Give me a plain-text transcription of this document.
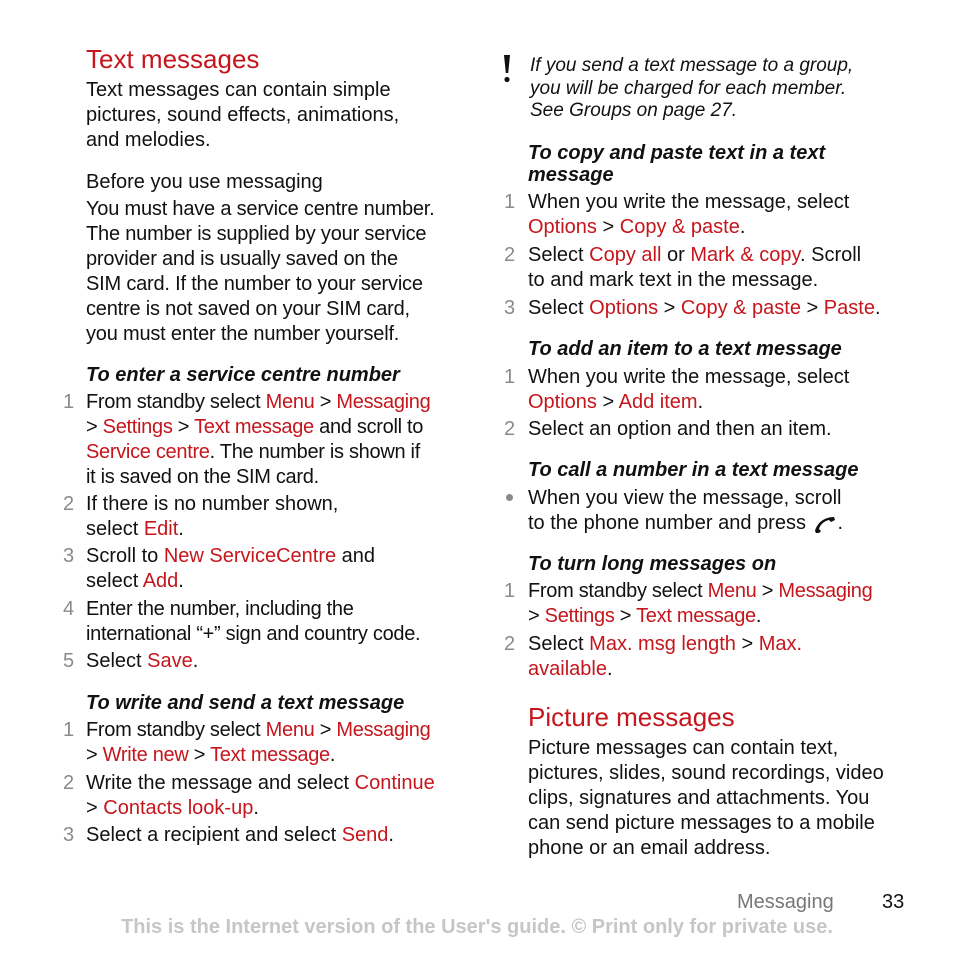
Text messages
Text messages can contain simple
pictures, sound effects, animations,
and melodies.
Before you use messaging
You must have a service centre number.
The number is supplied by your service
provider and is usually saved on the
SIM card. If the number to your service
centre is not saved on your SIM card,
you must enter the number yourself.
To enter a service centre number
1 From standby select Menu > Messaging
> Settings > Text message and scroll to
Service centre. The number is shown if
it is saved on the SIM card.
2 If there is no number shown,
select Edit.
3 Scroll to New ServiceCentre and
select Add.
4 Enter the number, including the
international “+” sign and country code.
5 Select Save.
To write and send a text message
1 From standby select Menu > Messaging
> Write new > Text message.
2 Write the message and select Continue
> Contacts look-up.
3 Select a recipient and select Send.
If you send a text message to a group,
you will be charged for each member.
See Groups on page 27.
To copy and paste text in a text
message
1 When you write the message, select
Options > Copy & paste.
2 Select Copy all or Mark & copy. Scroll
to and mark text in the message.
3 Select Options > Copy & paste > Paste.
To add an item to a text message
1 When you write the message, select
Options > Add item.
2 Select an option and then an item.
To call a number in a text message
When you view the message, scroll
to the phone number and press .
To turn long messages on
1 From standby select Menu > Messaging
> Settings > Text message.
2 Select Max. msg length > Max.
available.
Picture messages
Picture messages can contain text,
pictures, slides, sound recordings, video
clips, signatures and attachments. You
can send picture messages to a mobile
phone or an email address.
Messaging 33
This is the Internet version of the User's guide. © Print only for private use.
